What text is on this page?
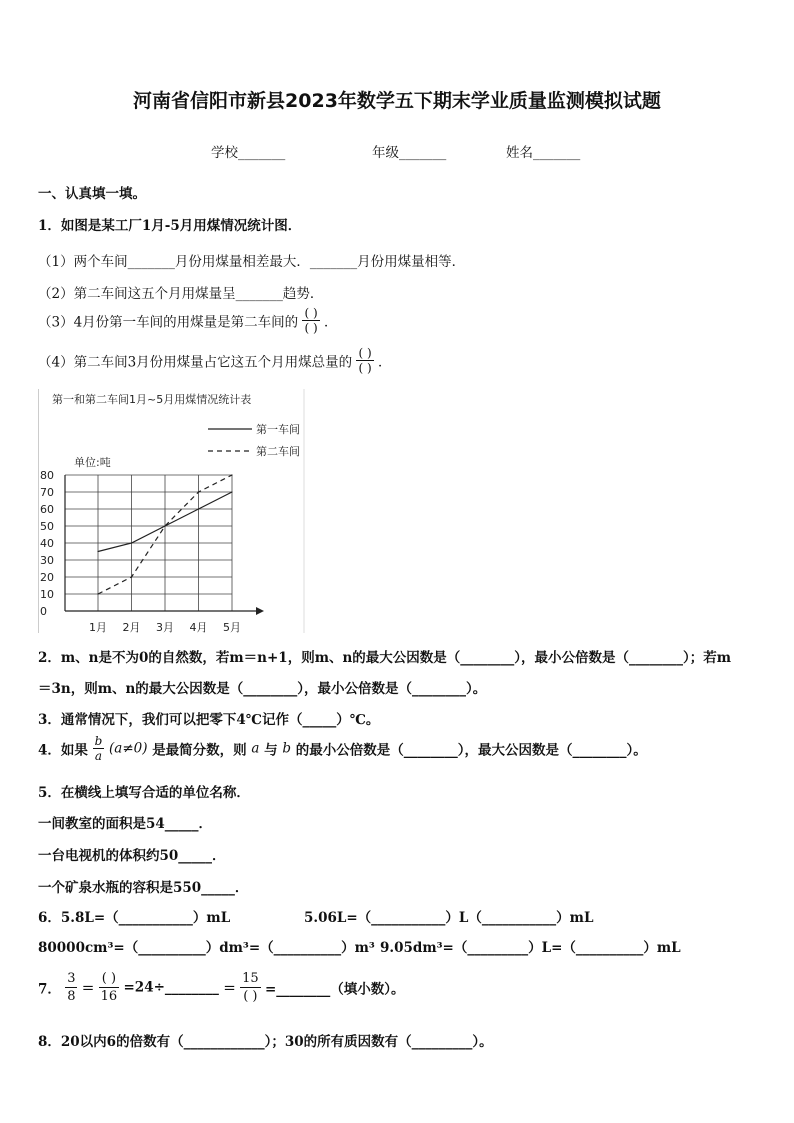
河南省信阳市新县2023年数学五下期末学业质量监测模拟试题
学校_______	年级_______	姓名_______
一、认真填一填。
1．如图是某工厂1月-5月用煤情况统计图．
（1）两个车间_______月份用煤量相差最大．_______月份用煤量相等．
（2）第二车间这五个月用煤量呈_______趋势．
（3）4月份第一车间的用煤量是第二车间的 $\frac{( )}{( )}$ ．
（4）第二车间3月份用煤量占它这五个月用煤总量的 $\frac{( )}{( )}$ ．
第一和第二车间1月~5月用煤情况统计表
单位:吨
第一车间
第二车间
0
10
20
30
40
50
60
70
80
1月 2月 3月 4月 5月
2．m、n是不为0的自然数，若m＝n+1，则m、n的最大公因数是（________），最小公倍数是（________）；若m
＝3n，则m、n的最大公因数是（________），最小公倍数是（________）。
3．通常情况下，我们可以把零下4℃记作（_____）℃。
4．如果 $\frac{b}{a} (a\ne 0)$ 是最简分数，则 a 与 b 的最小公倍数是（________），最大公因数是（________）。
5．在横线上填写合适的单位名称．
一间教室的面积是54_____．
一台电视机的体积约50_____．
一个矿泉水瓶的容积是550_____．
6．5.8L=（___________）mL	5.06L=（___________）L（___________）mL
80000cm³=（__________）dm³=（__________）m³ 9.05dm³=（_________）L=（__________）mL
7． $\frac{3}{8} = \frac{( )}{16}$ =24÷________ = $\frac{15}{( )}$ =________（填小数）。
8．20以内6的倍数有（____________）；30的所有质因数有（_________）。
